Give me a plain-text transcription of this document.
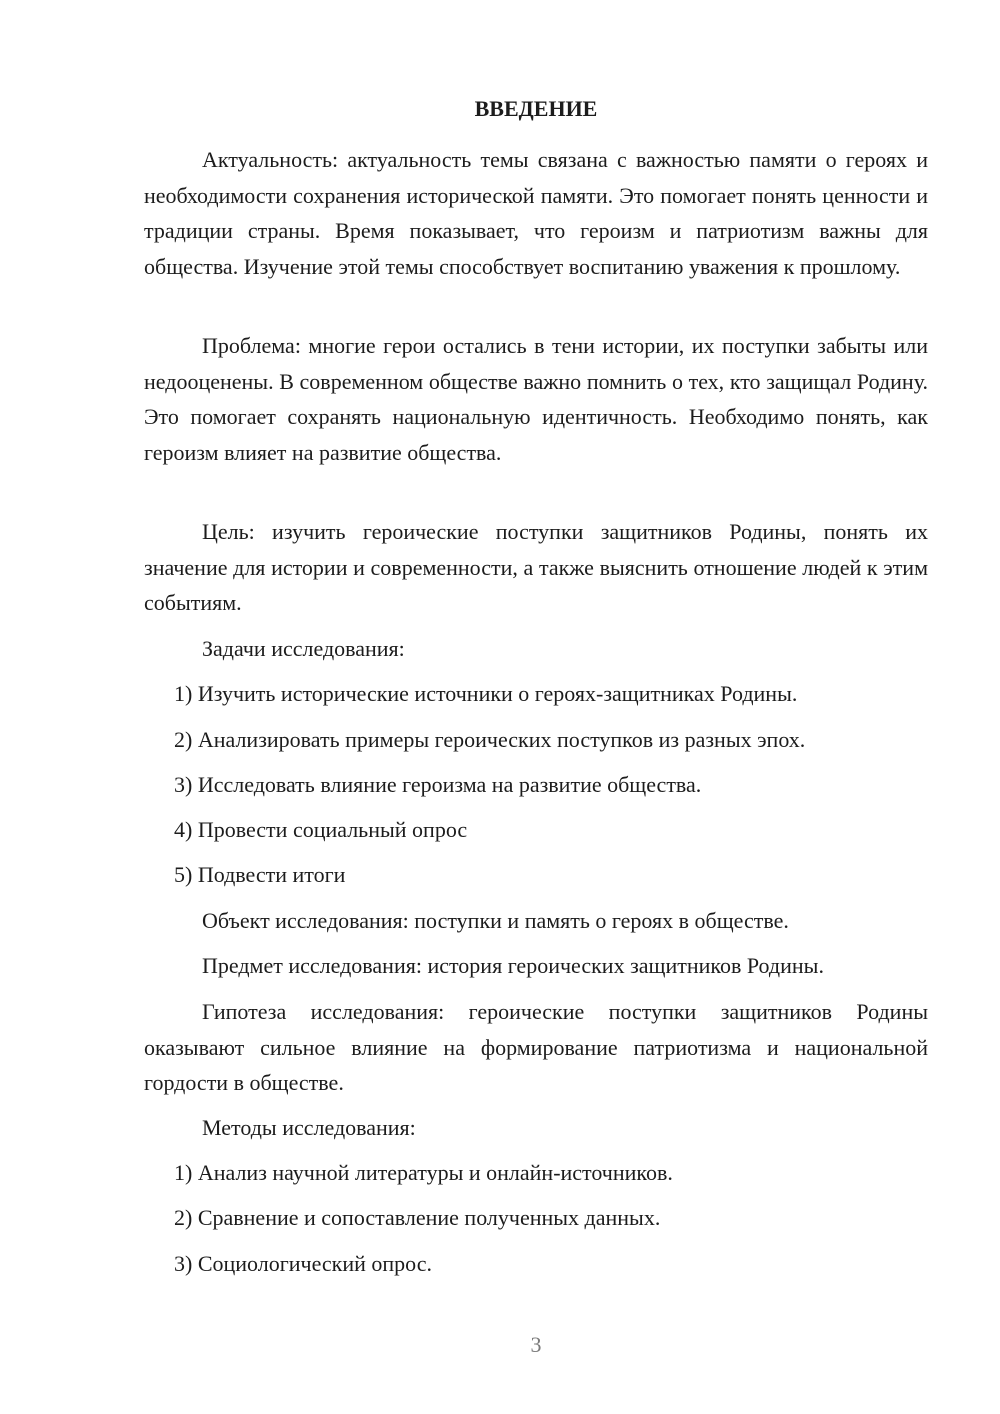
ВВЕДЕНИЕ
Актуальность: актуальность темы связана с важностью памяти о героях и необходимости сохранения исторической памяти. Это помогает понять ценности и традиции страны. Время показывает, что героизм и патриотизм важны для общества. Изучение этой темы способствует воспитанию уважения к прошлому.
Проблема: многие герои остались в тени истории, их поступки забыты или недооценены. В современном обществе важно помнить о тех, кто защищал Родину. Это помогает сохранять национальную идентичность. Необходимо понять, как героизм влияет на развитие общества.
Цель: изучить героические поступки защитников Родины, понять их значение для истории и современности, а также выяснить отношение людей к этим событиям.
Задачи исследования:
1) Изучить исторические источники о героях-защитниках Родины.
2) Анализировать примеры героических поступков из разных эпох.
3) Исследовать влияние героизма на развитие общества.
4) Провести социальный опрос
5) Подвести итоги
Объект исследования: поступки и память о героях в обществе.
Предмет исследования: история героических защитников Родины.
Гипотеза исследования: героические поступки защитников Родины оказывают сильное влияние на формирование патриотизма и национальной гордости в обществе.
Методы исследования:
1) Анализ научной литературы и онлайн-источников.
2) Сравнение и сопоставление полученных данных.
3) Социологический опрос.
3
